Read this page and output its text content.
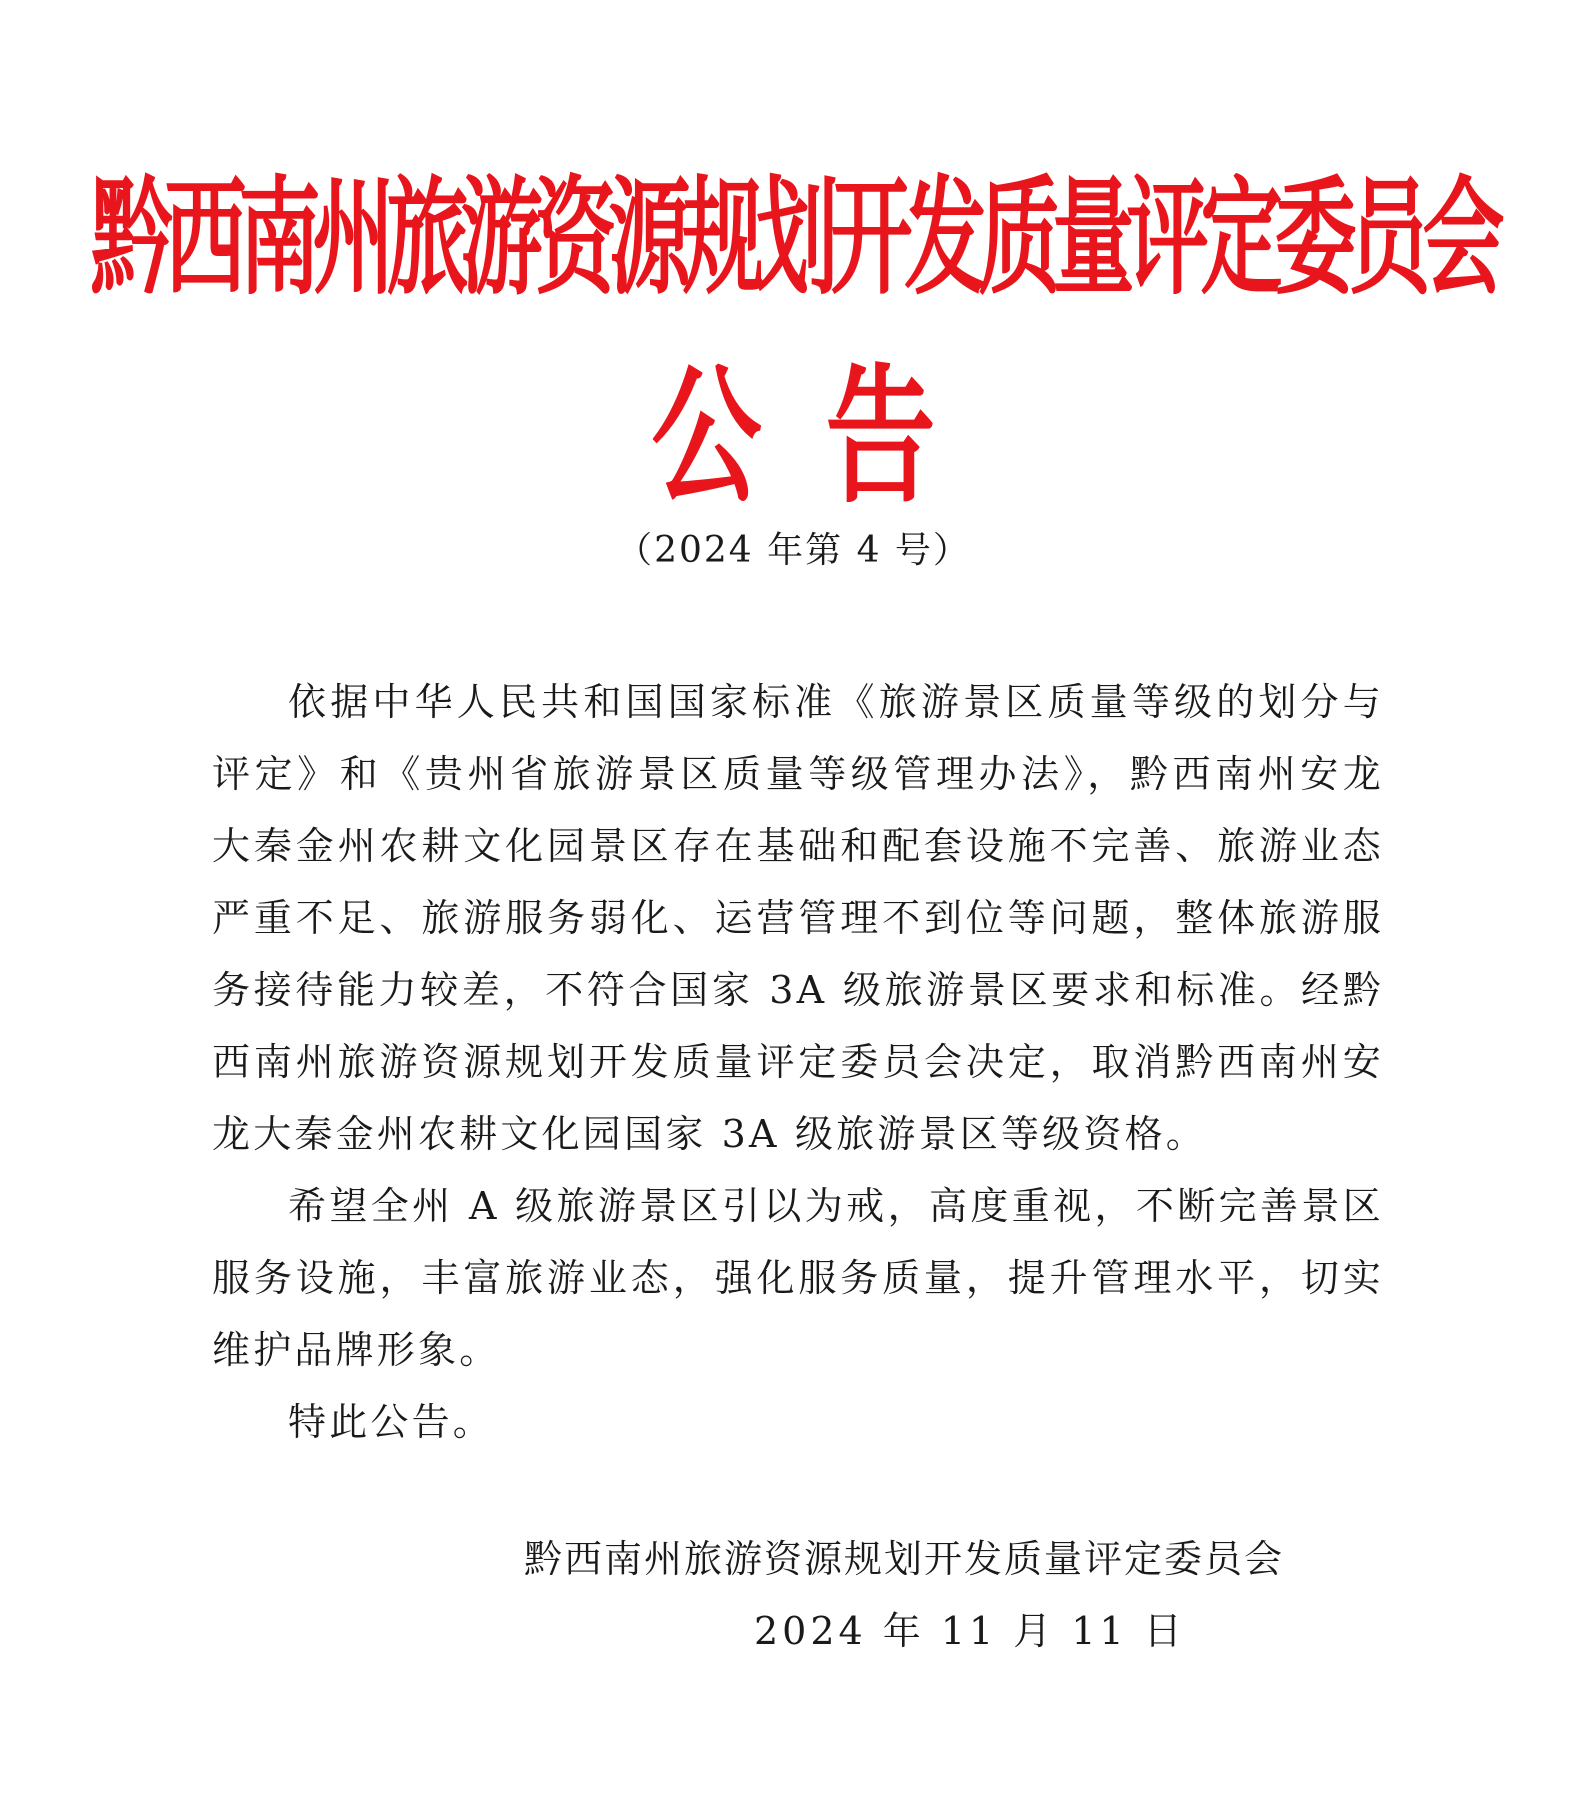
黔西南州旅游资源规划开发质量评定委员会
公告
（2024 年第 4 号）

依据中华人民共和国国家标准《旅游景区质量等级的划分与评定》和《贵州省旅游景区质量等级管理办法》，黔西南州安龙大秦金州农耕文化园景区存在基础和配套设施不完善、旅游业态严重不足、旅游服务弱化、运营管理不到位等问题，整体旅游服务接待能力较差，不符合国家 3A 级旅游景区要求和标准。经黔西南州旅游资源规划开发质量评定委员会决定，取消黔西南州安龙大秦金州农耕文化园国家 3A 级旅游景区等级资格。

希望全州 A 级旅游景区引以为戒，高度重视，不断完善景区服务设施，丰富旅游业态，强化服务质量，提升管理水平，切实维护品牌形象。

特此公告。

黔西南州旅游资源规划开发质量评定委员会
2024 年 11 月 11 日
